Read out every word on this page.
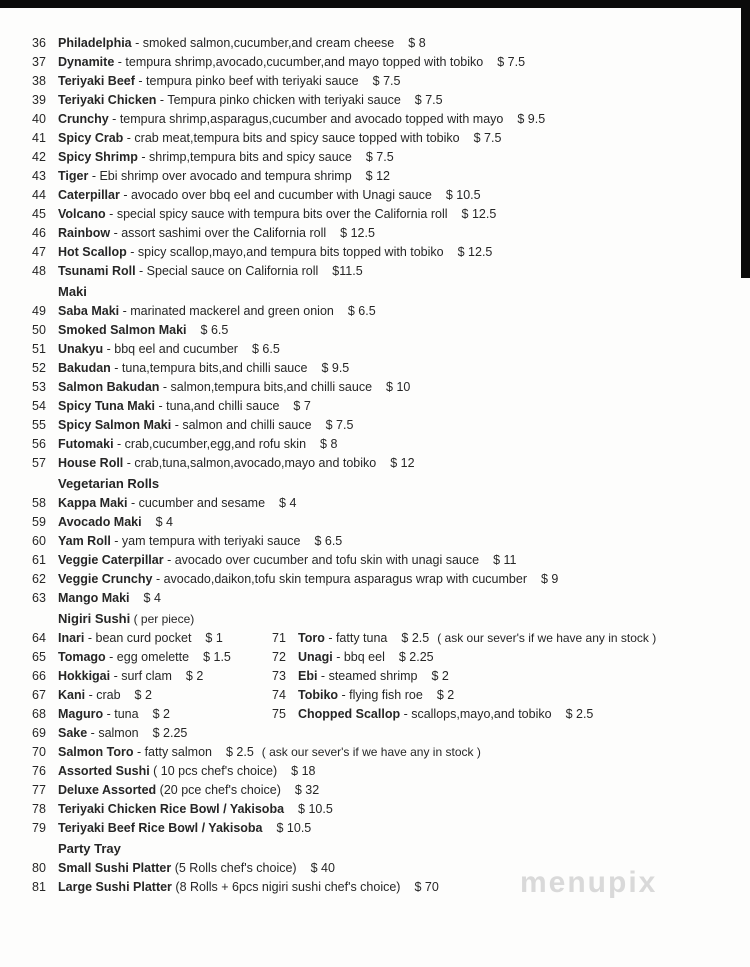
36 Philadelphia - smoked salmon,cucumber,and cream cheese $ 8
37 Dynamite - tempura shrimp,avocado,cucumber,and mayo topped with tobiko $ 7.5
38 Teriyaki Beef - tempura pinko beef with teriyaki sauce $ 7.5
39 Teriyaki Chicken - Tempura pinko chicken with teriyaki sauce $ 7.5
40 Crunchy - tempura shrimp,asparagus,cucumber and avocado topped with mayo $ 9.5
41 Spicy Crab - crab meat,tempura bits and spicy sauce topped with tobiko $ 7.5
42 Spicy Shrimp - shrimp,tempura bits and spicy sauce $ 7.5
43 Tiger - Ebi shrimp over avocado and tempura shrimp $ 12
44 Caterpillar - avocado over bbq eel and cucumber with Unagi sauce $ 10.5
45 Volcano - special spicy sauce with tempura bits over the California roll $ 12.5
46 Rainbow - assort sashimi over the California roll $ 12.5
47 Hot Scallop - spicy scallop,mayo,and tempura bits topped with tobiko $ 12.5
48 Tsunami Roll - Special sauce on California roll $11.5
Maki
49 Saba Maki - marinated mackerel and green onion $ 6.5
50 Smoked Salmon Maki $ 6.5
51 Unakyu - bbq eel and cucumber $ 6.5
52 Bakudan - tuna,tempura bits,and chilli sauce $ 9.5
53 Salmon Bakudan - salmon,tempura bits,and chilli sauce $ 10
54 Spicy Tuna Maki - tuna,and chilli sauce $ 7
55 Spicy Salmon Maki - salmon and chilli sauce $ 7.5
56 Futomaki - crab,cucumber,egg,and rofu skin $ 8
57 House Roll - crab,tuna,salmon,avocado,mayo and tobiko $ 12
Vegetarian Rolls
58 Kappa Maki - cucumber and sesame $ 4
59 Avocado Maki $ 4
60 Yam Roll - yam tempura with teriyaki sauce $ 6.5
61 Veggie Caterpillar - avocado over cucumber and tofu skin with unagi sauce $ 11
62 Veggie Crunchy - avocado,daikon,tofu skin tempura asparagus wrap with cucumber $ 9
63 Mango Maki $ 4
Nigiri Sushi ( per piece)
64 Inari - bean curd pocket $ 1	71 Toro - fatty tuna $ 2.5 ( ask our sever's if we have any in stock )
65 Tomago - egg omelette $ 1.5	72 Unagi - bbq eel $ 2.25
66 Hokkigai - surf clam $ 2	73 Ebi - steamed shrimp $ 2
67 Kani - crab $ 2	74 Tobiko - flying fish roe $ 2
68 Maguro - tuna $ 2	75 Chopped Scallop - scallops,mayo,and tobiko $ 2.5
69 Sake - salmon $ 2.25
70 Salmon Toro - fatty salmon $ 2.5 ( ask our sever's if we have any in stock )
76 Assorted Sushi ( 10 pcs chef's choice) $ 18
77 Deluxe Assorted (20 pce chef's choice) $ 32
78 Teriyaki Chicken Rice Bowl / Yakisoba $ 10.5
79 Teriyaki Beef Rice Bowl / Yakisoba $ 10.5
Party Tray
80 Small Sushi Platter (5 Rolls chef's choice) $ 40
81 Large Sushi Platter (8 Rolls + 6pcs nigiri sushi chef's choice) $ 70	menupix
